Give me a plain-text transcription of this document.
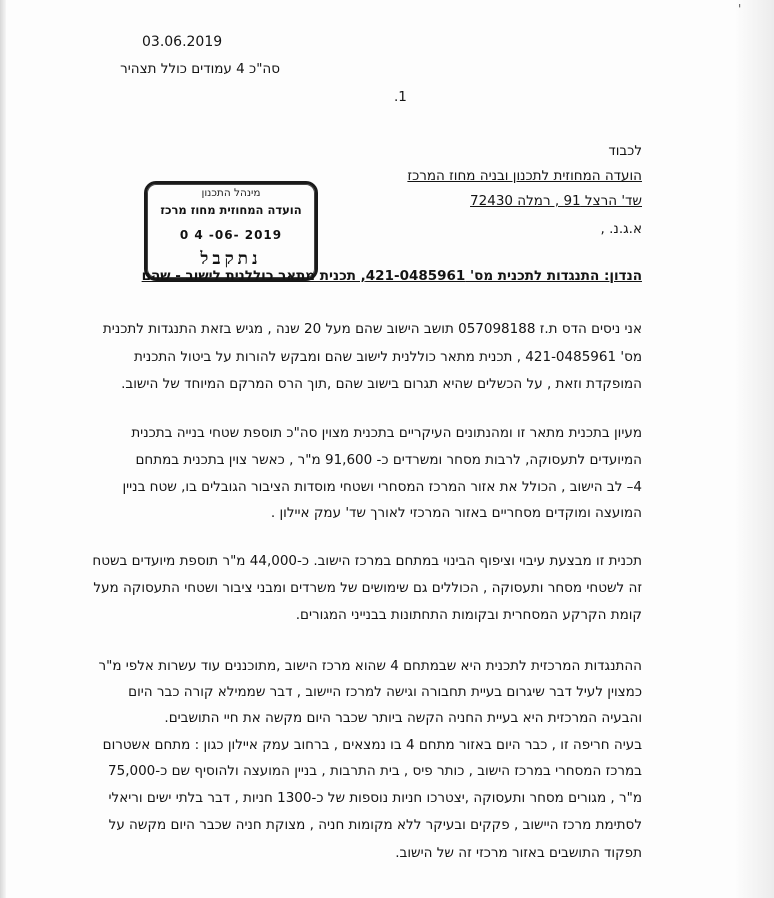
'
03.06.2019
סה"כ 4 עמודים כולל תצהיר
.1
לכבוד
הועדה המחוזית לתכנון ובניה מחוז המרכז
שד' הרצל 91 , רמלה 72430
א.ג.נ. ,
מינהל התכנון
הועדה המחוזית מחוז מרכז
0 4 -06- 2019
נתקבל
הנדון: התנגדות לתכנית מס' 421-0485961, תכנית מתאר כוללנית לישוב - שהם
אני ניסים הדס ת.ז 057098188 תושב הישוב שהם מעל 20 שנה , מגיש בזאת התנגדות לתכנית
מס' 421-0485961 , תכנית מתאר כוללנית לישוב שהם ומבקש להורות על ביטול התכנית
המופקדת וזאת , על הכשלים שהיא תגרום בישוב שהם ,תוך הרס המרקם המיוחד של הישוב.
מעיון בתכנית מתאר זו ומהנתונים העיקריים בתכנית מצוין סה"כ תוספת שטחי בנייה בתכנית
המיועדים לתעסוקה, לרבות מסחר ומשרדים כ- 91,600 מ"ר , כאשר צוין בתכנית במתחם
4– לב הישוב , הכולל את אזור המרכז המסחרי ושטחי מוסדות הציבור הגובלים בו, שטח בניין
המועצה ומוקדים מסחריים באזור המרכזי לאורך שד' עמק איילון .
תכנית זו מבצעת עיבוי וציפוף הבינוי במתחם במרכז הישוב. כ-44,000 מ"ר תוספת מיועדים בשטח
זה לשטחי מסחר ותעסוקה , הכוללים גם שימושים של משרדים ומבני ציבור ושטחי התעסוקה מעל
קומת הקרקע המסחרית ובקומות התחתונות בבנייני המגורים.
ההתנגדות המרכזית לתכנית היא שבמתחם 4 שהוא מרכז הישוב ,מתוכננים עוד עשרות אלפי מ"ר
כמצוין לעיל דבר שיגרום בעיית תחבורה וגישה למרכז היישוב , דבר שממילא קורה כבר היום
והבעיה המרכזית היא בעיית החניה הקשה ביותר שכבר היום מקשה את חיי התושבים.
בעיה חריפה זו , כבר היום באזור מתחם 4 בו נמצאים , ברחוב עמק איילון כגון : מתחם אשטרום
במרכז המסחרי במרכז הישוב , כותר פיס , בית התרבות , בניין המועצה ולהוסיף שם כ-75,000
מ"ר , מגורים מסחר ותעסוקה ,יצטרכו חניות נוספות של כ-1300 חניות , דבר בלתי ישים וריאלי
לסתימת מרכז היישוב , פקקים ובעיקר ללא מקומות חניה , מצוקת חניה שכבר היום מקשה על
תפקוד התושבים באזור מרכזי זה של הישוב.
